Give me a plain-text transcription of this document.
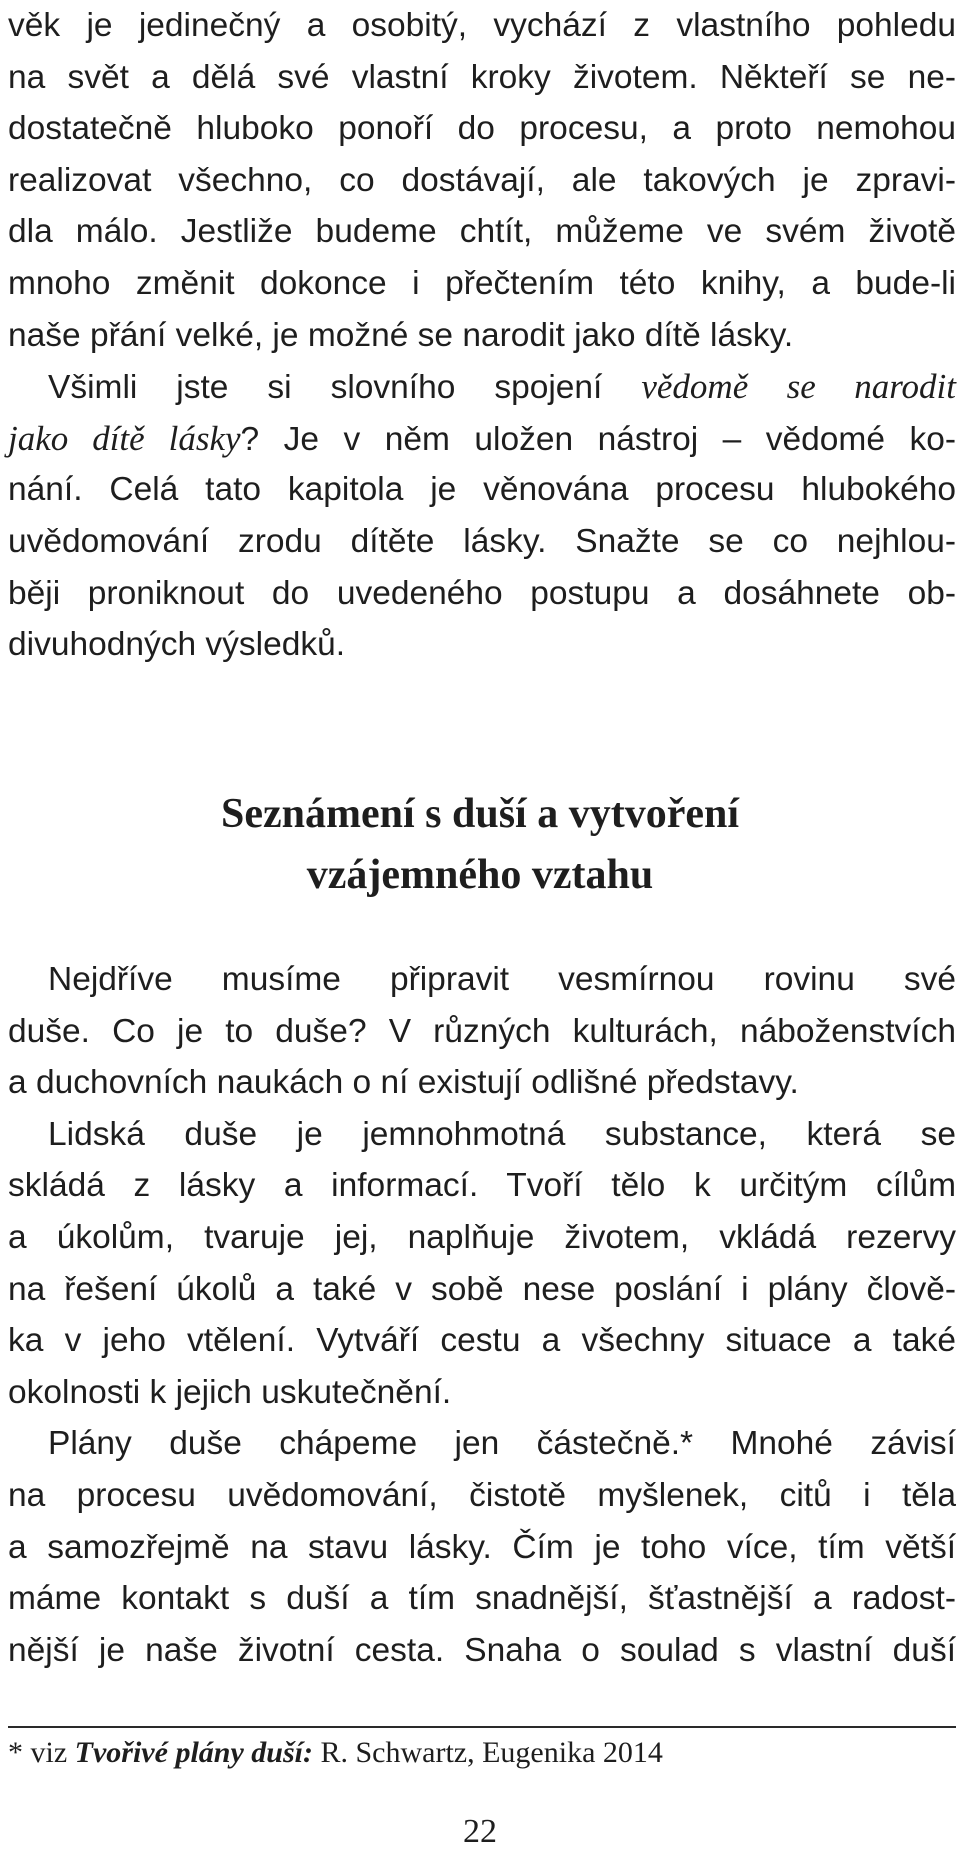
věk je jedinečný a osobitý, vychází z vlastního pohledu
na svět a dělá své vlastní kroky životem. Někteří se ne-
dostatečně hluboko ponoří do procesu, a proto nemohou
realizovat všechno, co dostávají, ale takových je zpravi-
dla málo. Jestliže budeme chtít, můžeme ve svém životě
mnoho změnit dokonce i přečtením této knihy, a bude-li
naše přání velké, je možné se narodit jako dítě lásky.
Všimli jste si slovního spojení vědomě se narodit
jako dítě lásky? Je v něm uložen nástroj – vědomé ko-
nání. Celá tato kapitola je věnována procesu hlubokého
uvědomování zrodu dítěte lásky. Snažte se co nejhlou-
běji proniknout do uvedeného postupu a dosáhnete ob-
divuhodných výsledků.
Seznámení s duší a vytvoření
vzájemného vztahu
Nejdříve musíme připravit vesmírnou rovinu své
duše. Co je to duše? V různých kulturách, náboženstvích
a duchovních naukách o ní existují odlišné představy.
Lidská duše je jemnohmotná substance, která se
skládá z lásky a informací. Tvoří tělo k určitým cílům
a úkolům, tvaruje jej, naplňuje životem, vkládá rezervy
na řešení úkolů a také v sobě nese poslání i plány člově-
ka v jeho vtělení. Vytváří cestu a všechny situace a také
okolnosti k jejich uskutečnění.
Plány duše chápeme jen částečně.* Mnohé závisí
na procesu uvědomování, čistotě myšlenek, citů i těla
a samozřejmě na stavu lásky. Čím je toho více, tím větší
máme kontakt s duší a tím snadnější, šťastnější a radost-
nější je naše životní cesta. Snaha o soulad s vlastní duší
* viz Tvořivé plány duší: R. Schwartz, Eugenika 2014
22
